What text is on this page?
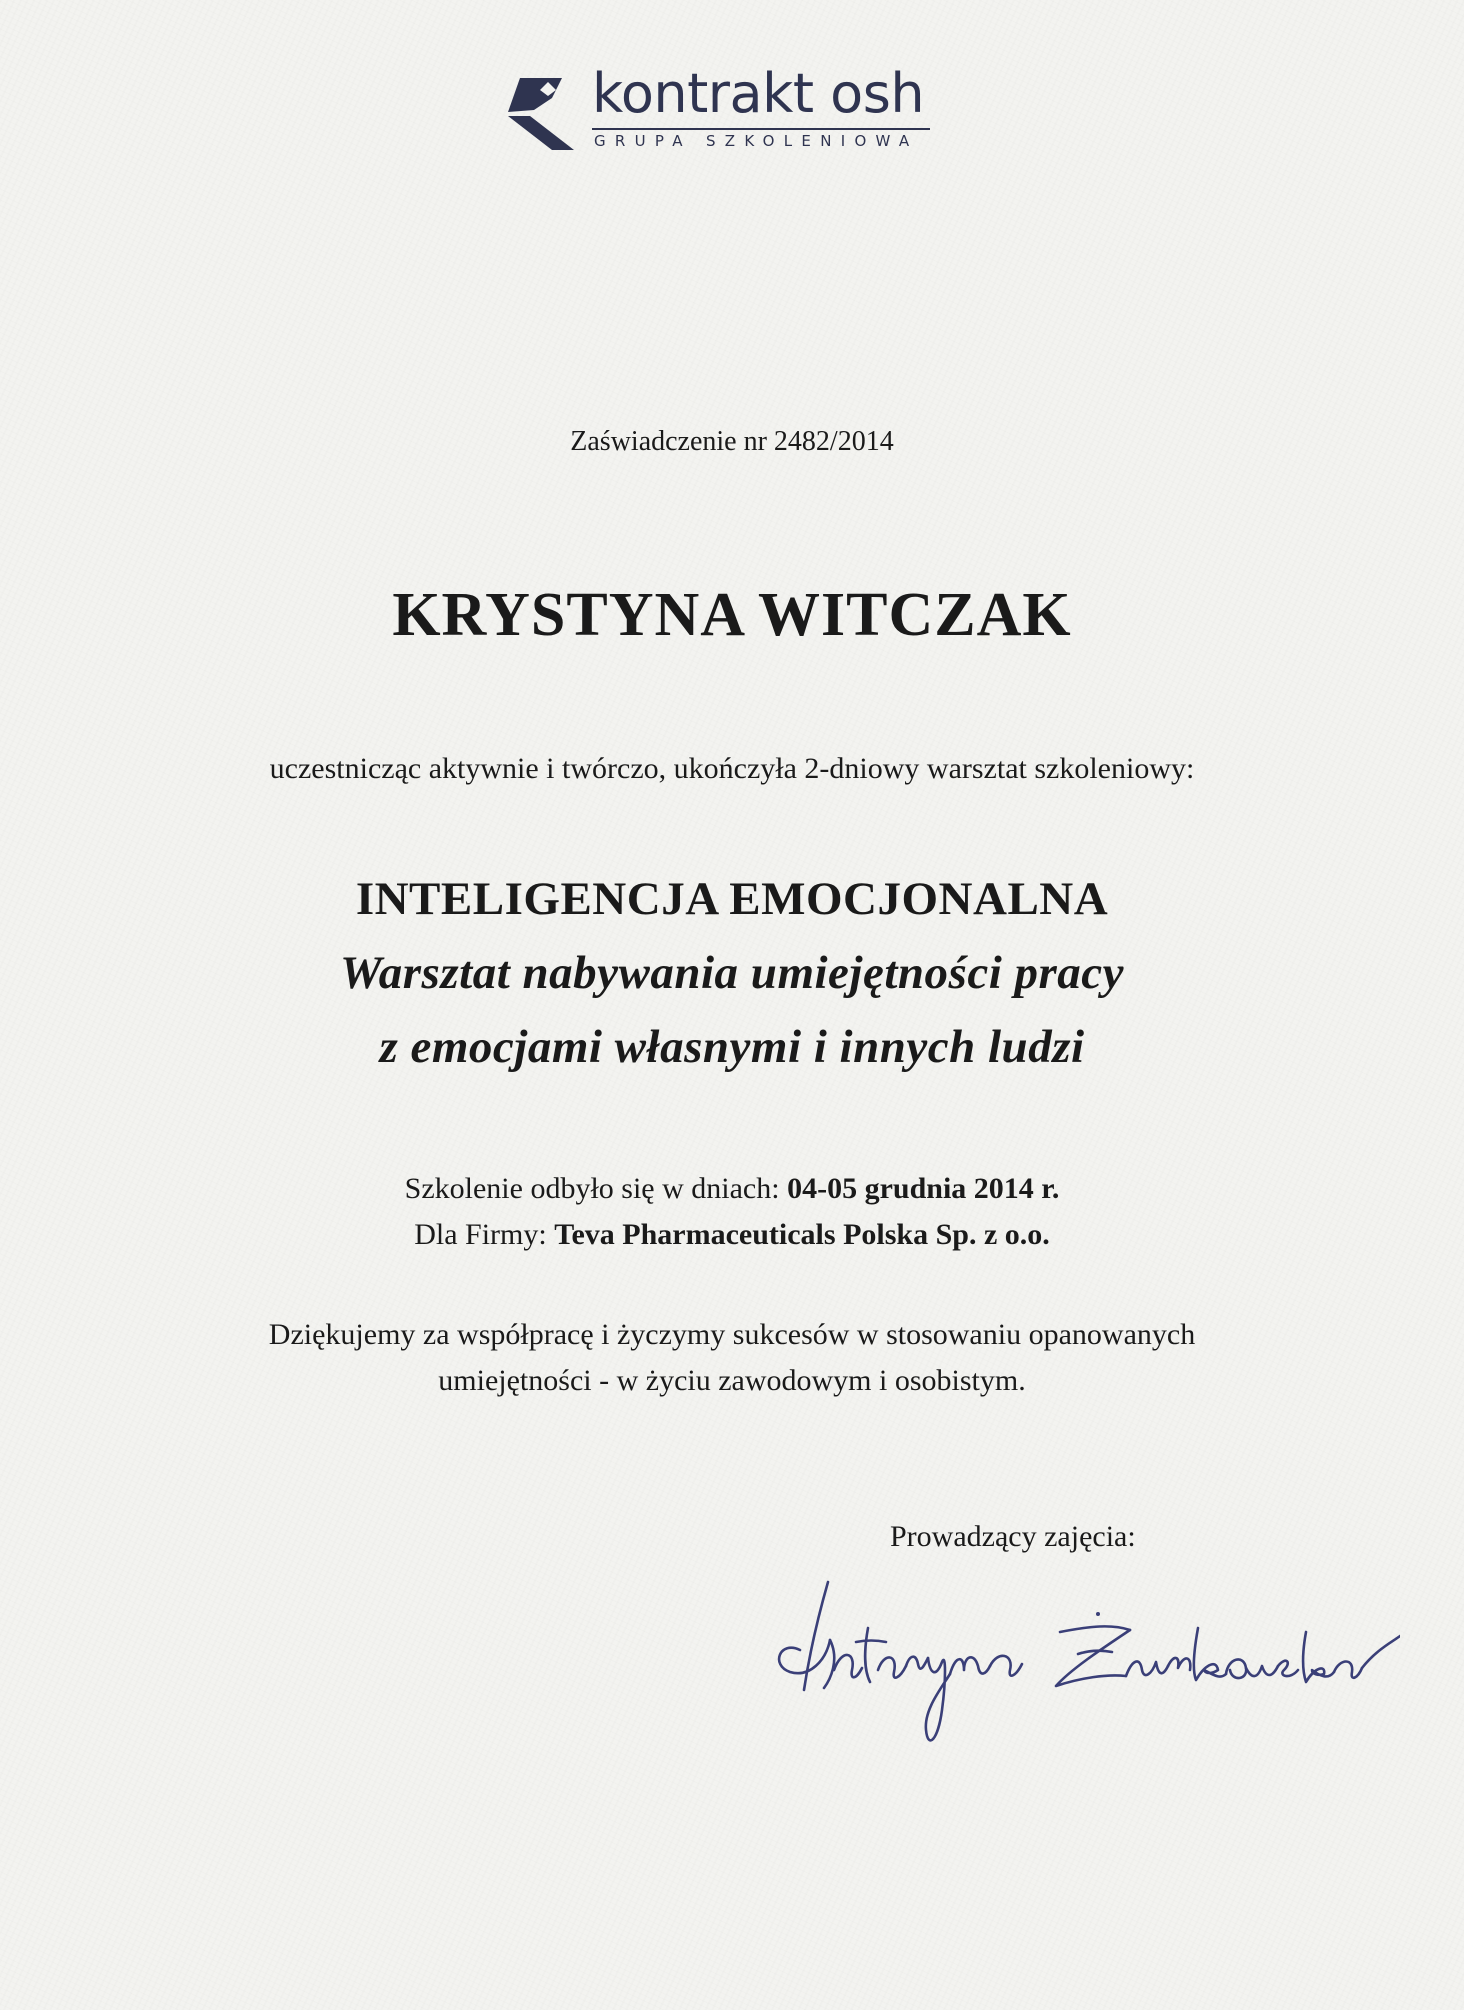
kontrakt osh
GRUPA SZKOLENIOWA
Zaświadczenie nr 2482/2014
KRYSTYNA WITCZAK
uczestnicząc aktywnie i twórczo, ukończyła 2-dniowy warsztat szkoleniowy:
INTELIGENCJA EMOCJONALNA
Warsztat nabywania umiejętności pracy
z emocjami własnymi i innych ludzi
Szkolenie odbyło się w dniach: 04-05 grudnia 2014 r.
Dla Firmy: Teva Pharmaceuticals Polska Sp. z o.o.
Dziękujemy za współpracę i życzymy sukcesów w stosowaniu opanowanych
umiejętności - w życiu zawodowym i osobistym.
Prowadzący zajęcia:
